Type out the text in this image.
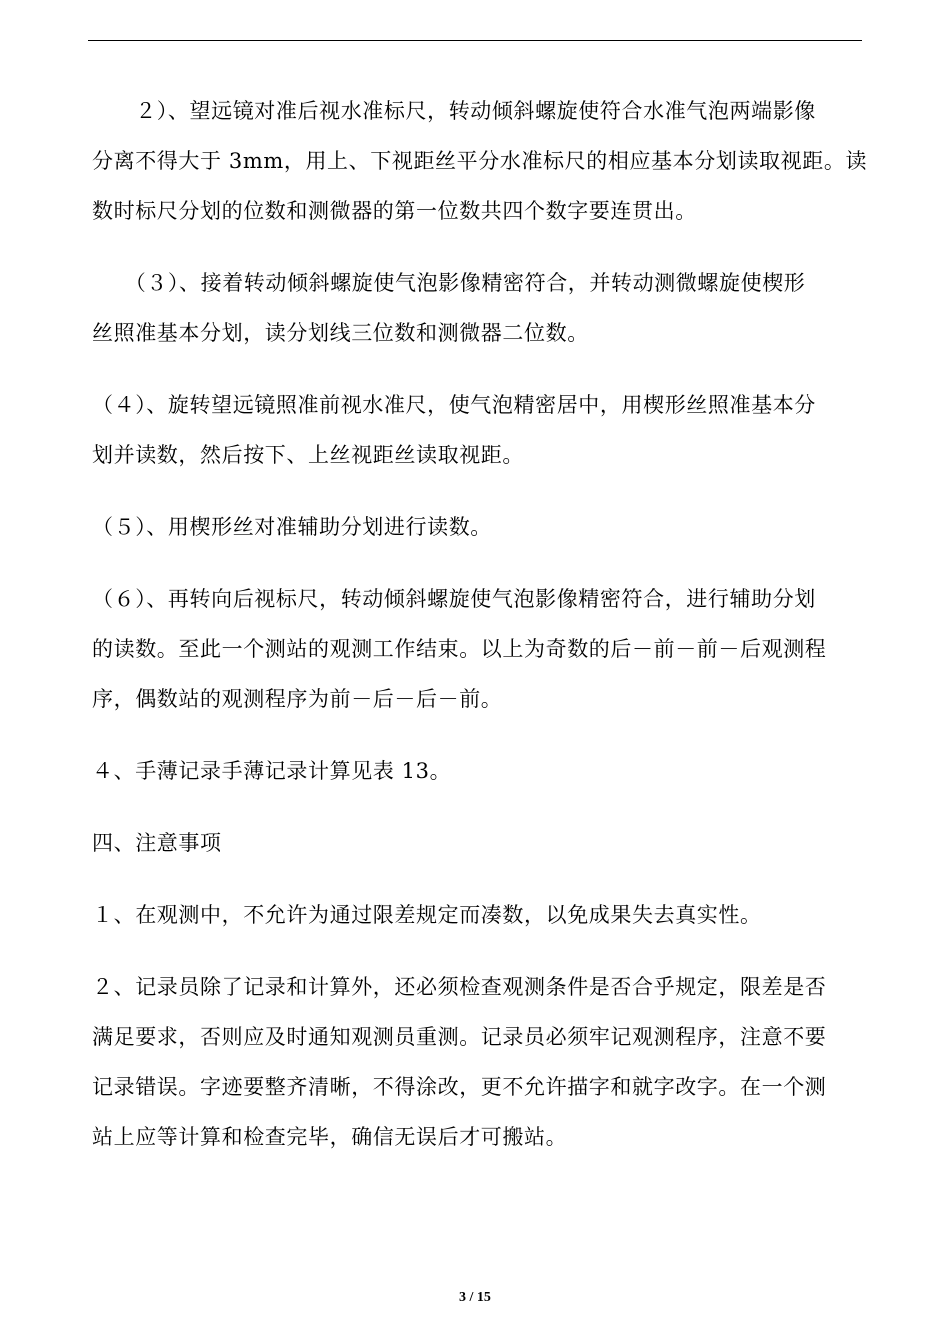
　　２）、望远镜对准后视水准标尺，转动倾斜螺旋使符合水准气泡两端影像
分离不得大于 3mm，用上、下视距丝平分水准标尺的相应基本分划读取视距。读
数时标尺分划的位数和测微器的第一位数共四个数字要连贯出。
　　（３）、接着转动倾斜螺旋使气泡影像精密符合，并转动测微螺旋使楔形
丝照准基本分划，读分划线三位数和测微器二位数。
（４）、旋转望远镜照准前视水准尺，使气泡精密居中，用楔形丝照准基本分
划并读数，然后按下、上丝视距丝读取视距。
（５）、用楔形丝对准辅助分划进行读数。
（６）、再转向后视标尺，转动倾斜螺旋使气泡影像精密符合，进行辅助分划
的读数。至此一个测站的观测工作结束。以上为奇数的后－前－前－后观测程
序，偶数站的观测程序为前－后－后－前。
４、手薄记录手薄记录计算见表 13。
四、注意事项
１、在观测中，不允许为通过限差规定而凑数，以免成果失去真实性。
２、记录员除了记录和计算外，还必须检查观测条件是否合乎规定，限差是否
满足要求，否则应及时通知观测员重测。记录员必须牢记观测程序，注意不要
记录错误。字迹要整齐清晰，不得涂改，更不允许描字和就字改字。在一个测
站上应等计算和检查完毕，确信无误后才可搬站。
3 / 15
